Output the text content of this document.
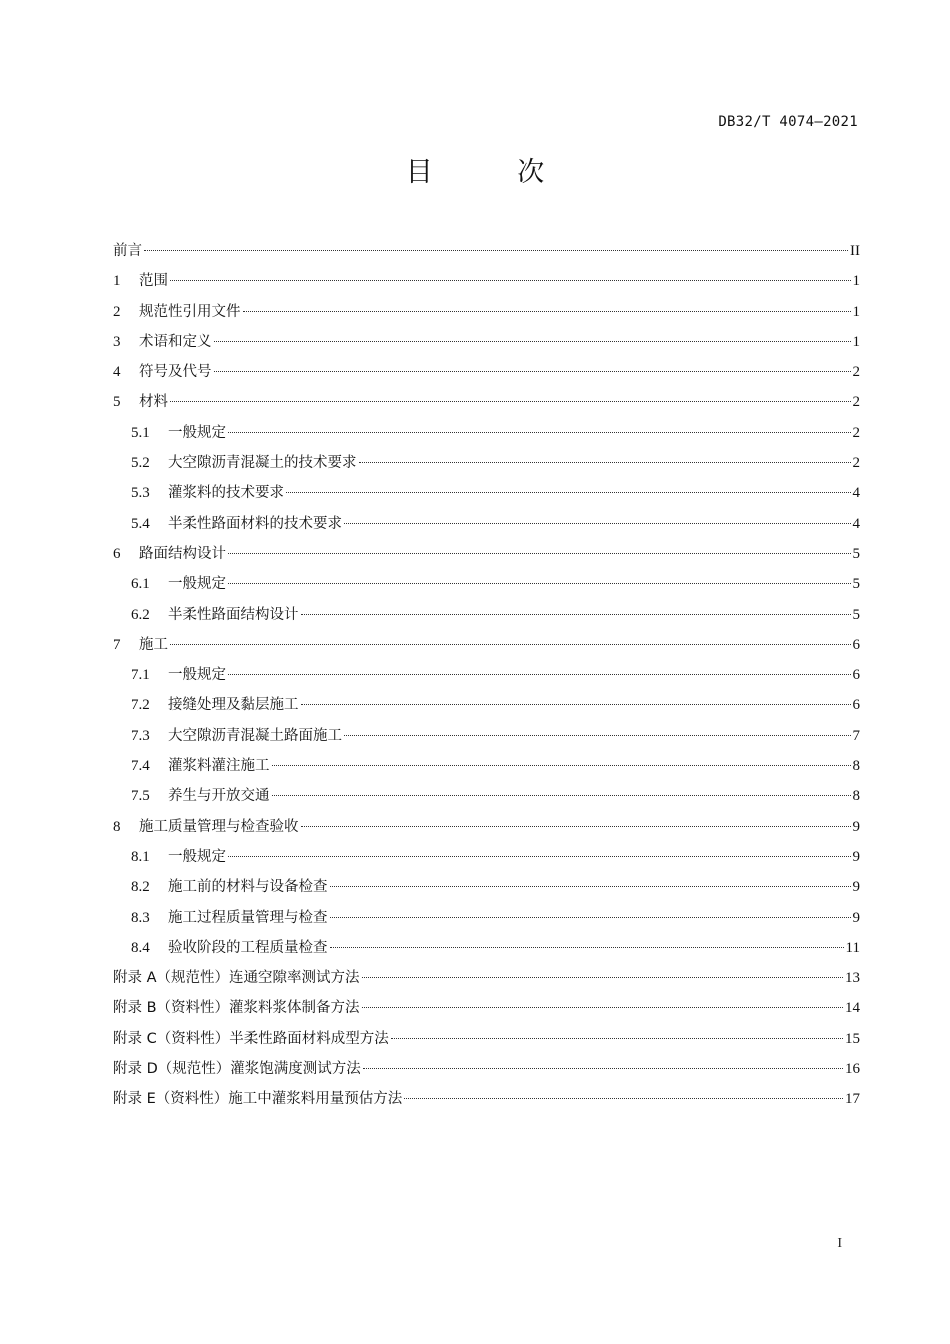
DB32/T 4074—2021
目 次
前言	II
1	范围	1
2	规范性引用文件	1
3	术语和定义	1
4	符号及代号	2
5	材料	2
5.1	一般规定	2
5.2	大空隙沥青混凝土的技术要求	2
5.3	灌浆料的技术要求	4
5.4	半柔性路面材料的技术要求	4
6	路面结构设计	5
6.1	一般规定	5
6.2	半柔性路面结构设计	5
7	施工	6
7.1	一般规定	6
7.2	接缝处理及黏层施工	6
7.3	大空隙沥青混凝土路面施工	7
7.4	灌浆料灌注施工	8
7.5	养生与开放交通	8
8	施工质量管理与检查验收	9
8.1	一般规定	9
8.2	施工前的材料与设备检查	9
8.3	施工过程质量管理与检查	9
8.4	验收阶段的工程质量检查	11
附录 A（规范性）连通空隙率测试方法	13
附录 B（资料性）灌浆料浆体制备方法	14
附录 C（资料性）半柔性路面材料成型方法	15
附录 D（规范性）灌浆饱满度测试方法	16
附录 E（资料性）施工中灌浆料用量预估方法	17
I
